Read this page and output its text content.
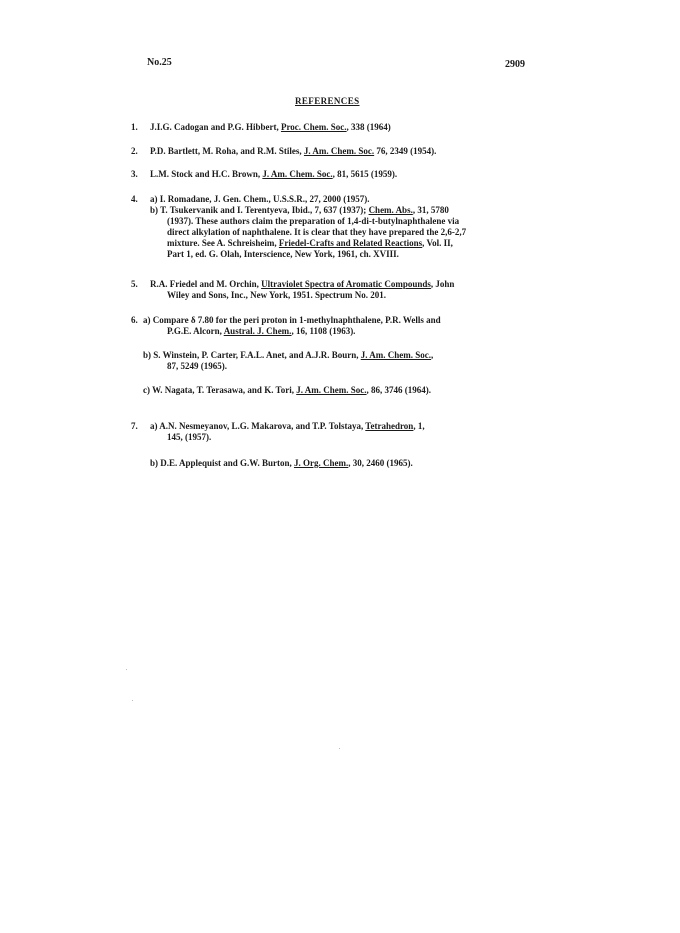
No.25	2909
REFERENCES
1. J.I.G. Cadogan and P.G. Hibbert, Proc. Chem. Soc., 338 (1964)
2. P.D. Bartlett, M. Roha, and R.M. Stiles, J. Am. Chem. Soc. 76, 2349 (1954).
3. L.M. Stock and H.C. Brown, J. Am. Chem. Soc., 81, 5615 (1959).
4. a) I. Romadane, J. Gen. Chem., U.S.S.R., 27, 2000 (1957).
b) T. Tsukervanik and I. Terentyeva, Ibid., 7, 637 (1937); Chem. Abs., 31, 5780
(1937). These authors claim the preparation of 1,4-di-t-butylnaphthalene via
direct alkylation of naphthalene. It is clear that they have prepared the 2,6-2,7
mixture. See A. Schreisheim, Friedel-Crafts and Related Reactions, Vol. II,
Part 1, ed. G. Olah, Interscience, New York, 1961, ch. XVIII.
5. R.A. Friedel and M. Orchin, Ultraviolet Spectra of Aromatic Compounds, John
Wiley and Sons, Inc., New York, 1951. Spectrum No. 201.
6. a) Compare δ 7.80 for the peri proton in 1-methylnaphthalene, P.R. Wells and
P.G.E. Alcorn, Austral. J. Chem., 16, 1108 (1963).
b) S. Winstein, P. Carter, F.A.L. Anet, and A.J.R. Bourn, J. Am. Chem. Soc.,
87, 5249 (1965).
c) W. Nagata, T. Terasawa, and K. Tori, J. Am. Chem. Soc., 86, 3746 (1964).
7. a) A.N. Nesmeyanov, L.G. Makarova, and T.P. Tolstaya, Tetrahedron, 1,
145, (1957).
b) D.E. Applequist and G.W. Burton, J. Org. Chem., 30, 2460 (1965).
